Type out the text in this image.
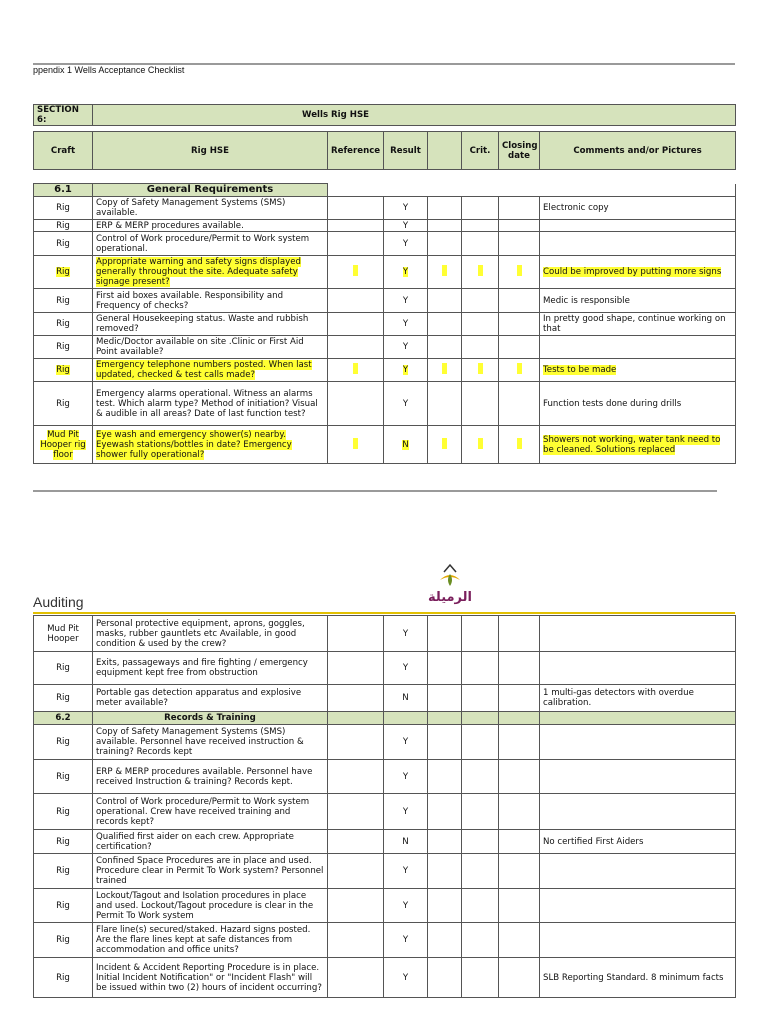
ppendix 1 Wells Acceptance Checklist
SECTION 6:	Wells Rig HSE
Craft	Rig HSE	Reference	Result		Crit.	Closing date	Comments and/or Pictures
6.1	General Requirements						
Rig	Copy of Safety Management Systems (SMS) available.		Y				Electronic copy
Rig	ERP & MERP procedures available.		Y				
Rig	Control of Work procedure/Permit to Work system operational.		Y				
Rig	Appropriate warning and safety signs displayed generally throughout the site. Adequate safety signage present?		Y				Could be improved by putting more signs
Rig	First aid boxes available. Responsibility and Frequency of checks?		Y				Medic is responsible
Rig	General Housekeeping status. Waste and rubbish removed?		Y				In pretty good shape, continue working on that
Rig	Medic/Doctor available on site .Clinic or First Aid Point available?		Y				
Rig	Emergency telephone numbers posted. When last updated, checked & test calls made?		Y				Tests to be made
Rig	Emergency alarms operational. Witness an alarms test. Which alarm type? Method of initiation? Visual & audible in all areas? Date of last function test?		Y				Function tests done during drills
Mud Pit Hooper rig floor	Eye wash and emergency shower(s) nearby. Eyewash stations/bottles in date? Emergency shower fully operational?		N				Showers not working, water tank need to be cleaned. Solutions replaced
Auditing	الرميلة
Mud Pit Hooper	Personal protective equipment, aprons, goggles, masks, rubber gauntlets etc Available, in good condition & used by the crew?		Y				
Rig	Exits, passageways and fire fighting / emergency equipment kept free from obstruction		Y				
Rig	Portable gas detection apparatus and explosive meter available?		N				1 multi-gas detectors with overdue calibration.
6.2	Records & Training						
Rig	Copy of Safety Management Systems (SMS) available. Personnel have received instruction & training? Records kept		Y				
Rig	ERP & MERP procedures available. Personnel have received Instruction & training? Records kept.		Y				
Rig	Control of Work procedure/Permit to Work system operational. Crew have received training and records kept?		Y				
Rig	Qualified first aider on each crew. Appropriate certification?		N				No certified First Aiders
Rig	Confined Space Procedures are in place and used. Procedure clear in Permit To Work system? Personnel trained		Y				
Rig	Lockout/Tagout and Isolation procedures in place and used. Lockout/Tagout procedure is clear in the Permit To Work system		Y				
Rig	Flare line(s) secured/staked. Hazard signs posted. Are the flare lines kept at safe distances from accommodation and office units?		Y				
Rig	Incident & Accident Reporting Procedure is in place. Initial Incident Notification" or "Incident Flash" will be issued within two (2) hours of incident occurring?		Y				SLB Reporting Standard. 8 minimum facts
